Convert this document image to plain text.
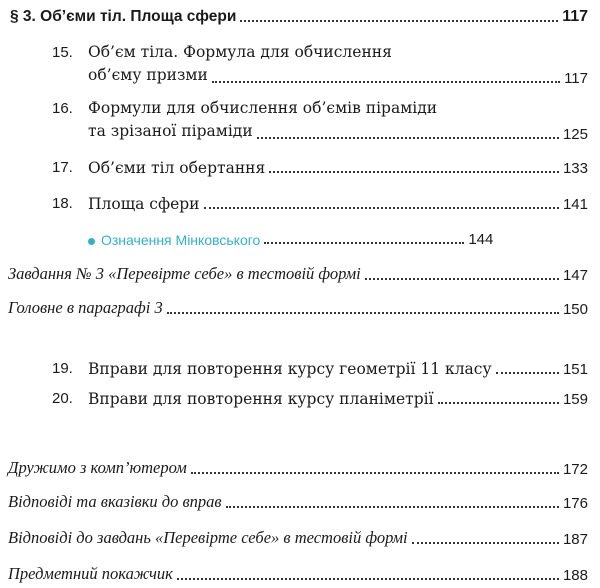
§ 3. Об’єми тіл. Площа сфери	117
15. Об’єм тіла. Формула для обчислення
об’єму призми	117
16. Формули для обчислення об’ємів піраміди
та зрізаної піраміди	125
17. Об’єми тіл обертання	133
18. Площа сфери	141
Означення Мінковського	144
Завдання № 3 «Перевірте себе» в тестовій формі	147
Головне в параграфі 3	150
19. Вправи для повторення курсу геометрії 11 класу	151
20. Вправи для повторення курсу планіметрії	159
Дружимо з комп’ютером	172
Відповіді та вказівки до вправ	176
Відповіді до завдань «Перевірте себе» в тестовій формі	187
Предметний покажчик	188
